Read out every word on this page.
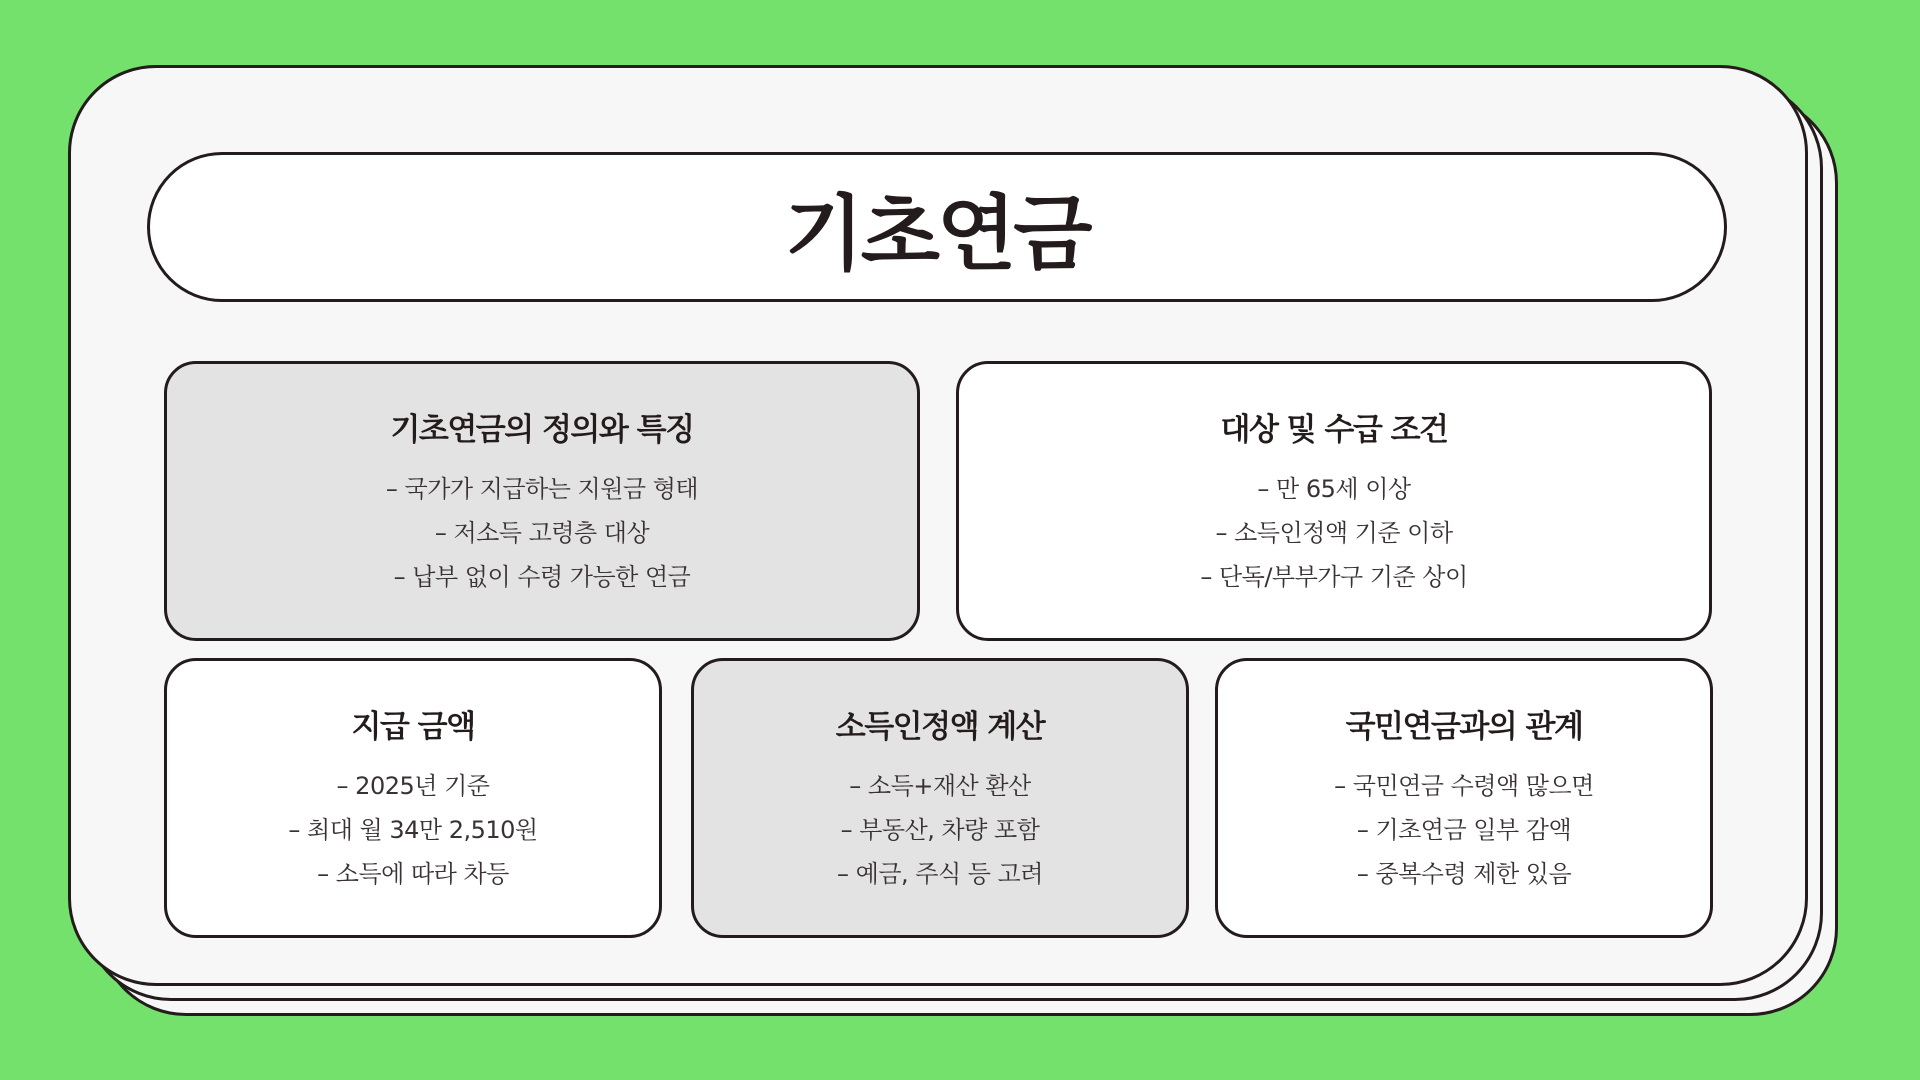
기초연금
기초연금의 정의와 특징
– 국가가 지급하는 지원금 형태
– 저소득 고령층 대상
– 납부 없이 수령 가능한 연금
대상 및 수급 조건
– 만 65세 이상
– 소득인정액 기준 이하
– 단독/부부가구 기준 상이
지급 금액
– 2025년 기준
– 최대 월 34만 2,510원
– 소득에 따라 차등
소득인정액 계산
– 소득+재산 환산
– 부동산, 차량 포함
– 예금, 주식 등 고려
국민연금과의 관계
– 국민연금 수령액 많으면
– 기초연금 일부 감액
– 중복수령 제한 있음
